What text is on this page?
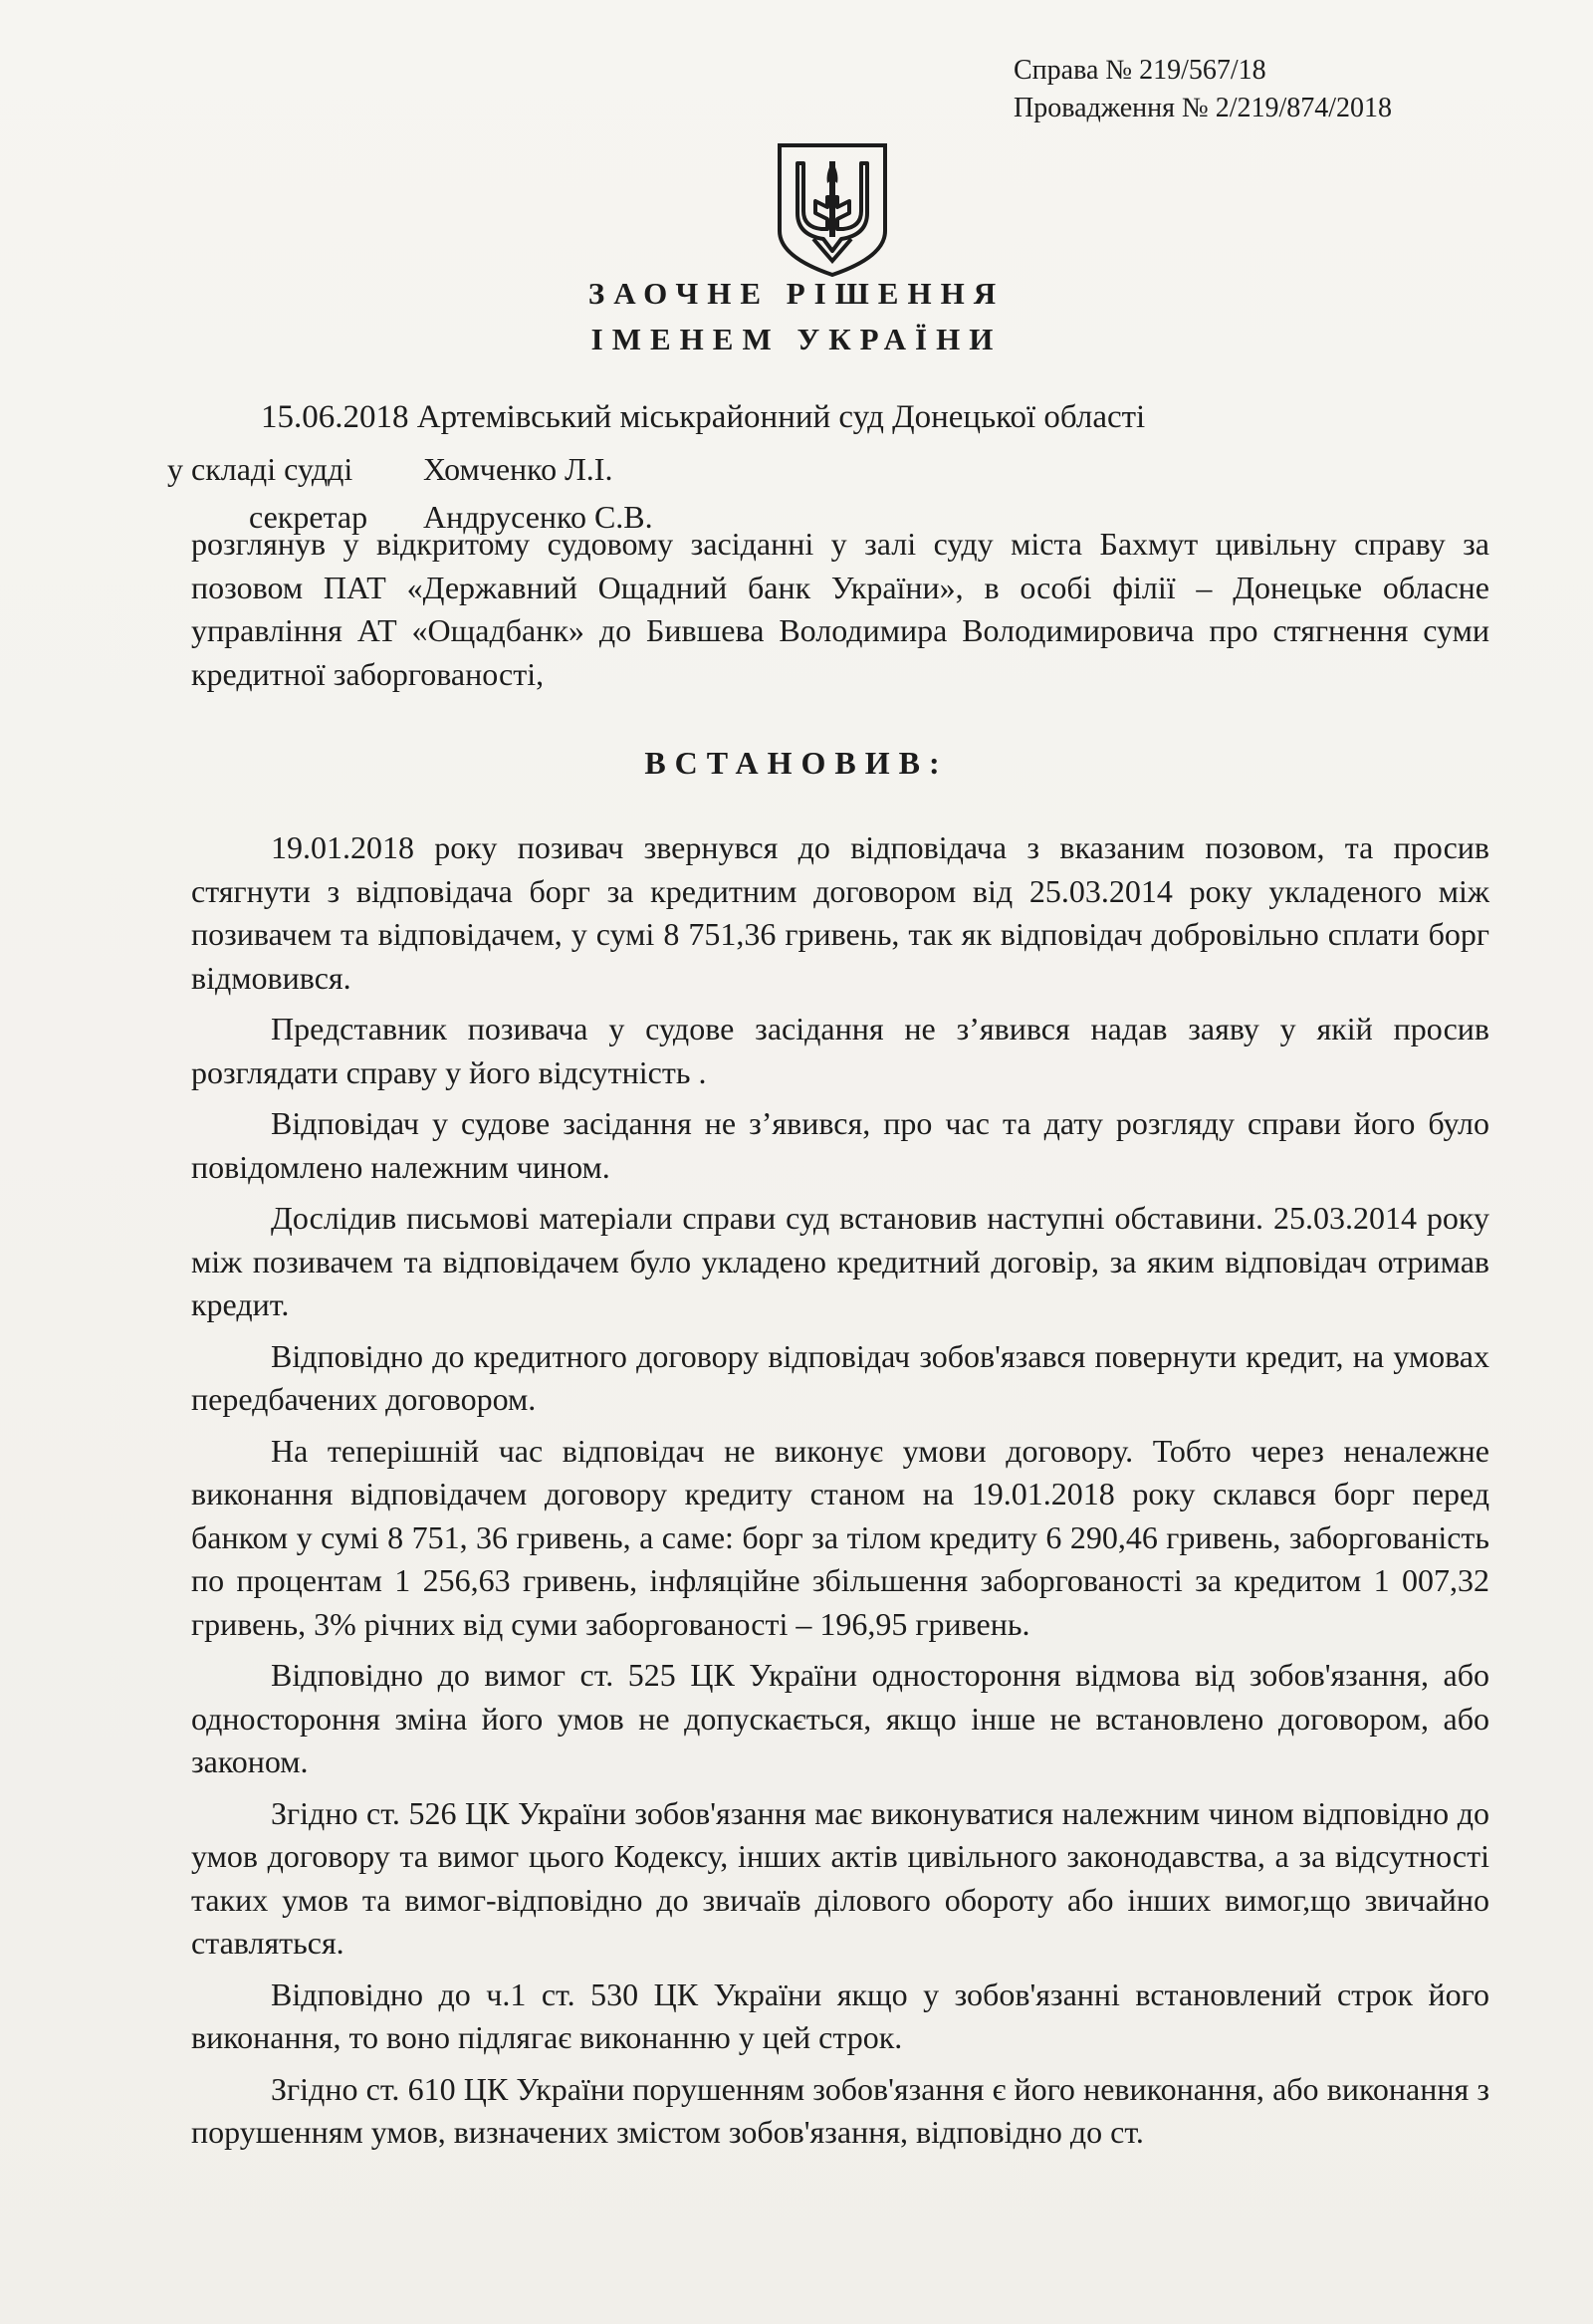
Справа № 219/567/18
Провадження № 2/219/874/2018
ЗАОЧНЕ РІШЕННЯ
ІМЕНЕМ УКРАЇНИ
15.06.2018 Артемівський міськрайонний суд Донецької області
у складі судді Хомченко Л.І.
секретар Андрусенко С.В.

розглянув у відкритому судовому засіданні у залі суду міста Бахмут цивільну справу за позовом ПАТ «Державний Ощадний банк України», в особі філії – Донецьке обласне управління АТ «Ощадбанк» до Бившева Володимира Володимировича про стягнення суми кредитної заборгованості,

ВСТАНОВИВ:

19.01.2018 року позивач звернувся до відповідача з вказаним позовом, та просив стягнути з відповідача борг за кредитним договором від 25.03.2014 року укладеного між позивачем та відповідачем, у сумі 8 751,36 гривень, так як відповідач добровільно сплати борг відмовився.

Представник позивача у судове засідання не з’явився надав заяву у якій просив розглядати справу у його відсутність .

Відповідач у судове засідання не з’явився, про час та дату розгляду справи його було повідомлено належним чином.

Дослідив письмові матеріали справи суд встановив наступні обставини. 25.03.2014 року між позивачем та відповідачем було укладено кредитний договір, за яким відповідач отримав кредит.

Відповідно до кредитного договору відповідач зобов'язався повернути кредит, на умовах передбачених договором.

На теперішній час відповідач не виконує умови договору. Тобто через неналежне виконання відповідачем договору кредиту станом на 19.01.2018 року склався борг перед банком у сумі 8 751, 36 гривень, а саме: борг за тілом кредиту 6 290,46 гривень, заборгованість по процентам 1 256,63 гривень, інфляційне збільшення заборгованості за кредитом 1 007,32 гривень, 3% річних від суми заборгованості – 196,95 гривень.

Відповідно до вимог ст. 525 ЦК України одностороння відмова від зобов'язання, або одностороння зміна його умов не допускається, якщо інше не встановлено договором, або законом.

Згідно ст. 526 ЦК України зобов'язання має виконуватися належним чином відповідно до умов договору та вимог цього Кодексу, інших актів цивільного законодавства, а за відсутності таких умов та вимог-відповідно до звичаїв ділового обороту або інших вимог,що звичайно ставляться.

Відповідно до ч.1 ст. 530 ЦК України якщо у зобов'язанні встановлений строк його виконання, то воно підлягає виконанню у цей строк.

Згідно ст. 610 ЦК України порушенням зобов'язання є його невиконання, або виконання з порушенням умов, визначених змістом зобов'язання, відповідно до ст.
